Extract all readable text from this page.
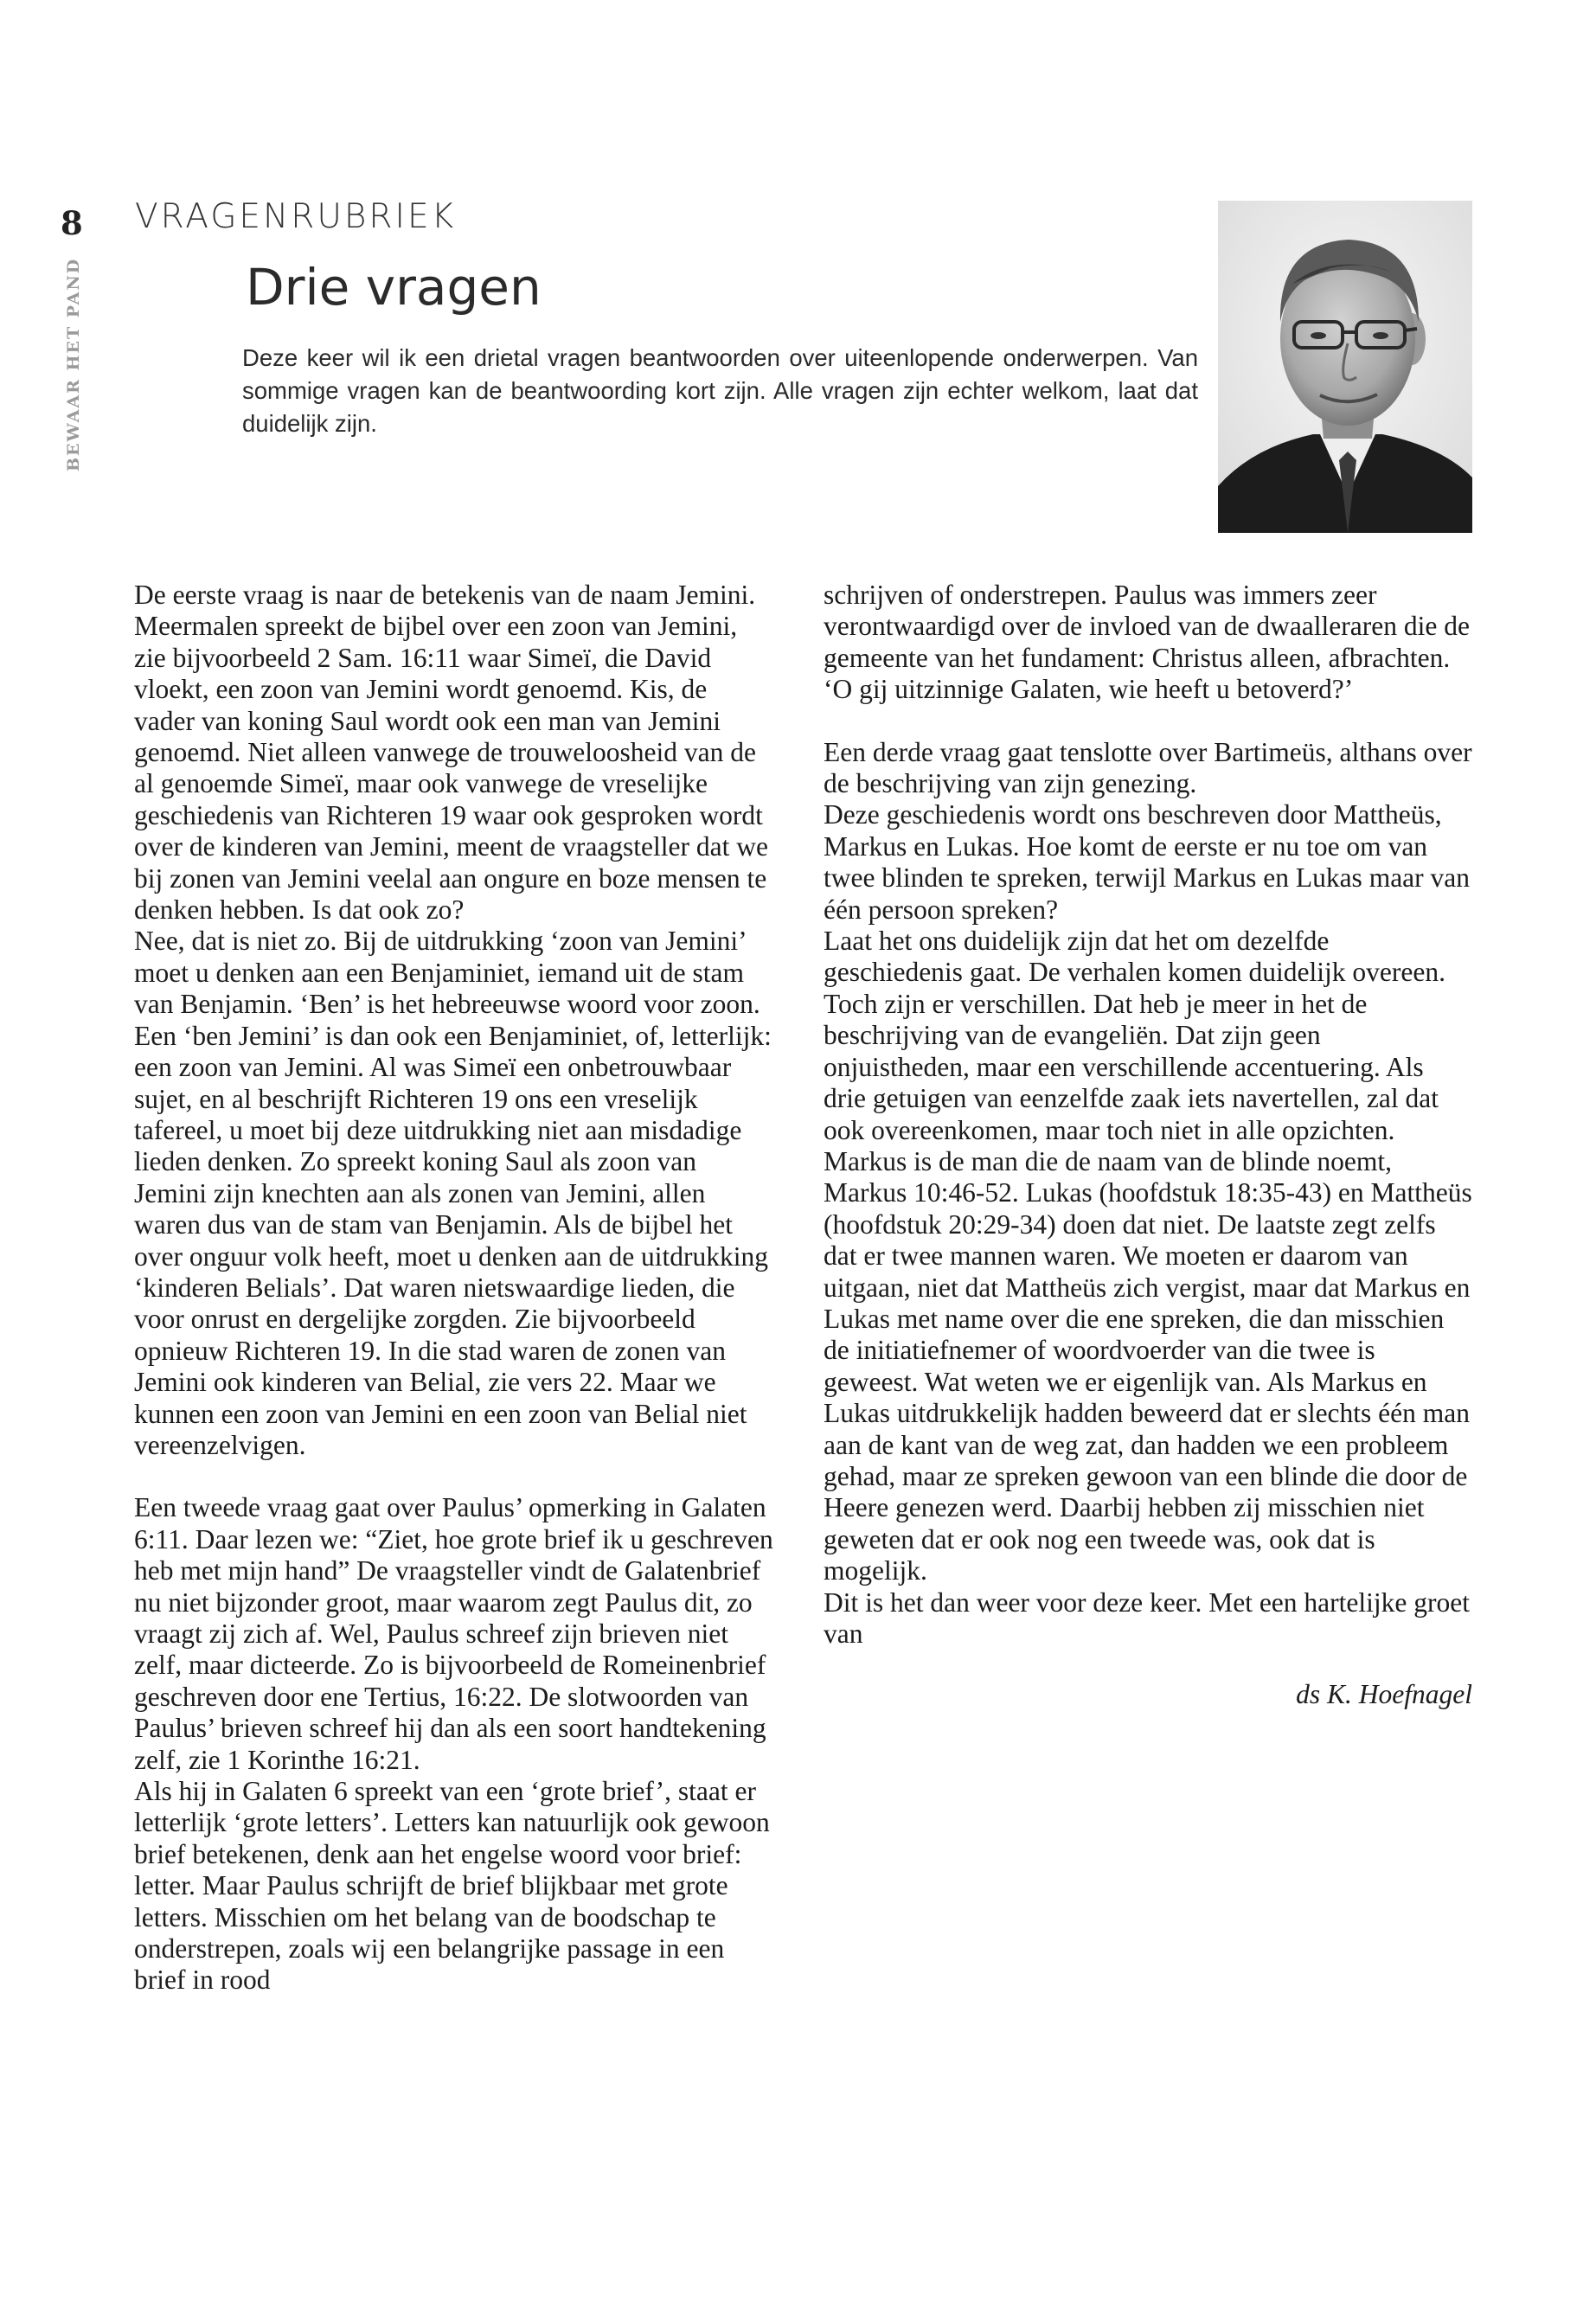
8
BEWAAR HET PAND
VRAGENRUBRIEK
Drie vragen
Deze keer wil ik een drietal vragen beantwoorden over uiteenlopende onderwerpen. Van sommige vragen kan de beantwoording kort zijn. Alle vragen zijn echter welkom, laat dat duidelijk zijn.

De eerste vraag is naar de betekenis van de naam Jemini. Meermalen spreekt de bijbel over een zoon van Jemini, zie bijvoorbeeld 2 Sam. 16:11 waar Simeï, die David vloekt, een zoon van Jemini wordt genoemd. Kis, de vader van koning Saul wordt ook een man van Jemini genoemd. Niet alleen vanwege de trouweloosheid van de al genoemde Simeï, maar ook vanwege de vreselijke geschiedenis van Richteren 19 waar ook gesproken wordt over de kinderen van Jemini, meent de vraagsteller dat we bij zonen van Jemini veelal aan ongure en boze mensen te denken hebben. Is dat ook zo?

Nee, dat is niet zo. Bij de uitdrukking ‘zoon van Jemini’ moet u denken aan een Benjaminiet, iemand uit de stam van Benjamin. ‘Ben’ is het hebreeuwse woord voor zoon. Een ‘ben Jemini’ is dan ook een Benjaminiet, of, letterlijk: een zoon van Jemini. Al was Simeï een onbetrouwbaar sujet, en al beschrijft Richteren 19 ons een vreselijk tafereel, u moet bij deze uitdrukking niet aan misdadige lieden denken. Zo spreekt koning Saul als zoon van Jemini zijn knechten aan als zonen van Jemini, allen waren dus van de stam van Benjamin. Als de bijbel het over onguur volk heeft, moet u denken aan de uitdrukking ‘kinderen Belials’. Dat waren nietswaardige lieden, die voor onrust en dergelijke zorgden. Zie bijvoorbeeld opnieuw Richteren 19. In die stad waren de zonen van Jemini ook kinderen van Belial, zie vers 22. Maar we kunnen een zoon van Jemini en een zoon van Belial niet vereenzelvigen.

Een tweede vraag gaat over Paulus’ opmerking in Galaten 6:11. Daar lezen we: “Ziet, hoe grote brief ik u geschreven heb met mijn hand” De vraagsteller vindt de Galatenbrief nu niet bijzonder groot, maar waarom zegt Paulus dit, zo vraagt zij zich af. Wel, Paulus schreef zijn brieven niet zelf, maar dicteerde. Zo is bijvoorbeeld de Romeinenbrief geschreven door ene Tertius, 16:22. De slotwoorden van Paulus’ brieven schreef hij dan als een soort handtekening zelf, zie 1 Korinthe 16:21.

Als hij in Galaten 6 spreekt van een ‘grote brief’, staat er letterlijk ‘grote letters’. Letters kan natuurlijk ook gewoon brief betekenen, denk aan het engelse woord voor brief: letter. Maar Paulus schrijft de brief blijkbaar met grote letters. Misschien om het belang van de boodschap te onderstrepen, zoals wij een belangrijke passage in een brief in rood

schrijven of onderstrepen. Paulus was immers zeer verontwaardigd over de invloed van de dwaalleraren die de gemeente van het fundament: Christus alleen, afbrachten. ‘O gij uitzinnige Galaten, wie heeft u betoverd?’

Een derde vraag gaat tenslotte over Bartimeüs, althans over de beschrijving van zijn genezing.

Deze geschiedenis wordt ons beschreven door Mattheüs, Markus en Lukas. Hoe komt de eerste er nu toe om van twee blinden te spreken, terwijl Markus en Lukas maar van één persoon spreken?

Laat het ons duidelijk zijn dat het om dezelfde geschiedenis gaat. De verhalen komen duidelijk overeen. Toch zijn er verschillen. Dat heb je meer in het de beschrijving van de evangeliën. Dat zijn geen onjuistheden, maar een verschillende accentuering. Als drie getuigen van eenzelfde zaak iets navertellen, zal dat ook overeenkomen, maar toch niet in alle opzichten. Markus is de man die de naam van de blinde noemt, Markus 10:46-52. Lukas (hoofdstuk 18:35-43) en Mattheüs (hoofdstuk 20:29-34) doen dat niet. De laatste zegt zelfs dat er twee mannen waren. We moeten er daarom van uitgaan, niet dat Mattheüs zich vergist, maar dat Markus en Lukas met name over die ene spreken, die dan misschien de initiatiefnemer of woordvoerder van die twee is geweest. Wat weten we er eigenlijk van. Als Markus en Lukas uitdrukkelijk hadden beweerd dat er slechts één man aan de kant van de weg zat, dan hadden we een probleem gehad, maar ze spreken gewoon van een blinde die door de Heere genezen werd. Daarbij hebben zij misschien niet geweten dat er ook nog een tweede was, ook dat is mogelijk.

Dit is het dan weer voor deze keer. Met een hartelijke groet van

ds K. Hoefnagel
